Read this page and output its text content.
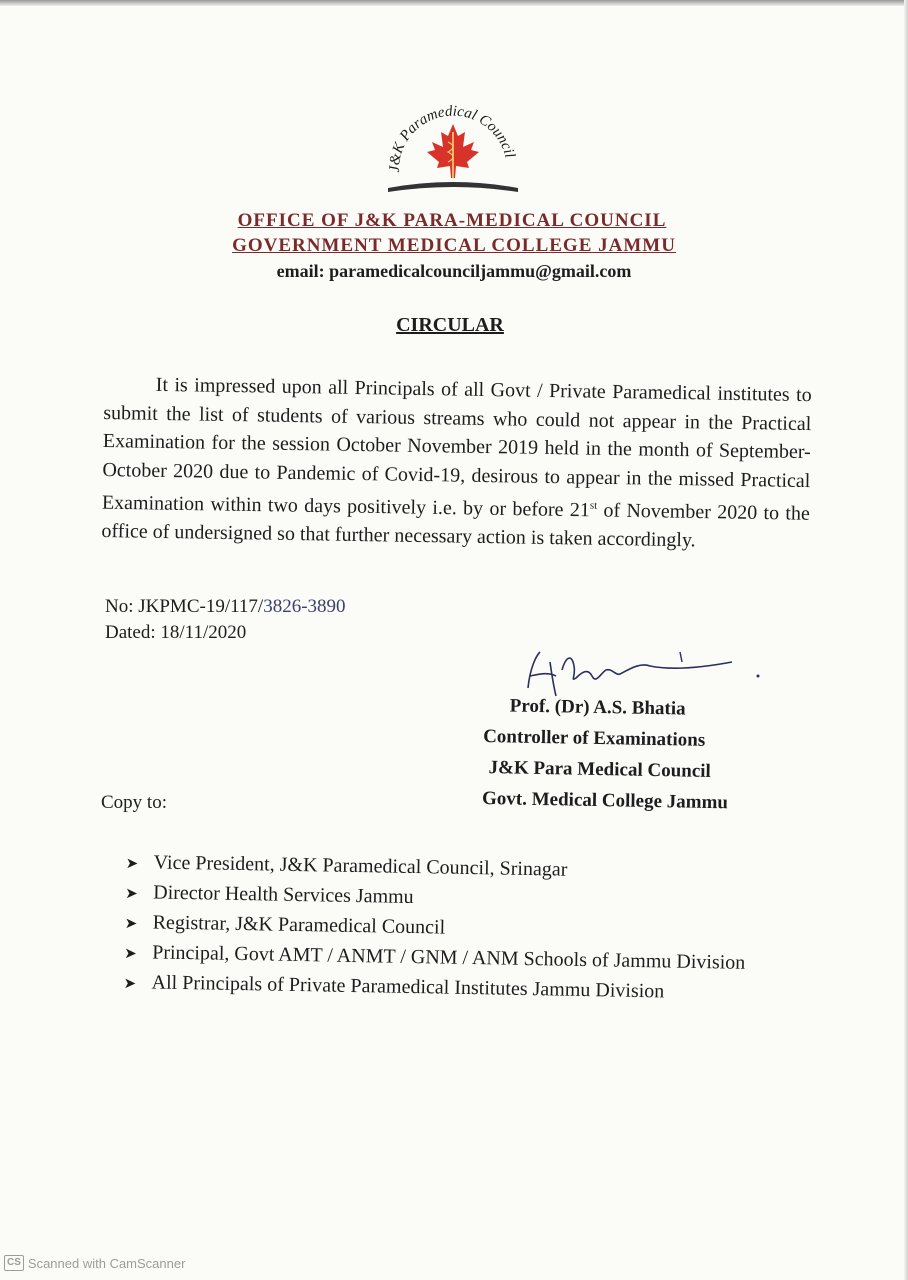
J&K Paramedical Council
OFFICE OF J&K PARA-MEDICAL COUNCIL
GOVERNMENT MEDICAL COLLEGE JAMMU
email: paramedicalcounciljammu@gmail.com
CIRCULAR
It is impressed upon all Principals of all Govt / Private Paramedical institutes to submit the list of students of various streams who could not appear in the Practical Examination for the session October November 2019 held in the month of September-October 2020 due to Pandemic of Covid-19, desirous to appear in the missed Practical Examination within two days positively i.e. by or before 21st of November 2020 to the office of undersigned so that further necessary action is taken accordingly.
No: JKPMC-19/117/3826-3890
Dated: 18/11/2020
Prof. (Dr) A.S. Bhatia
Controller of Examinations
J&K Para Medical Council
Govt. Medical College Jammu
Copy to:
➤ Vice President, J&K Paramedical Council, Srinagar
➤ Director Health Services Jammu
➤ Registrar, J&K Paramedical Council
➤ Principal, Govt AMT / ANMT / GNM / ANM Schools of Jammu Division
➤ All Principals of Private Paramedical Institutes Jammu Division
CS Scanned with CamScanner
